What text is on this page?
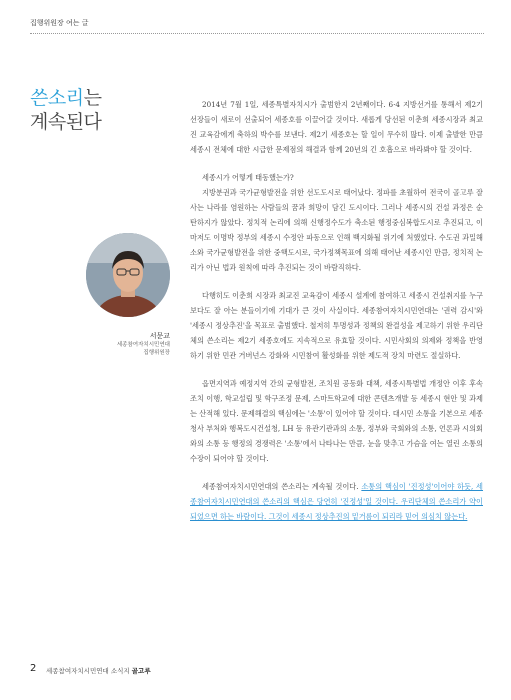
집행위원장 여는 글
쓴소리는
계속된다
서문교
세종참여자치시민연대
집행위원장

2014년 7월 1일, 세종특별자치시가 출범한지 2년째이다. 6·4 지방선거를 통해서 제2기 선장들이 새로이 선출되어 세종호를 이끌어갈 것이다. 새롭게 당선된 이춘희 세종시장과 최교진 교육감에게 축하의 박수를 보낸다. 제2기 세종호는 할 일이 무수히 많다. 이제 출발한 만큼 세종시 전체에 대한 시급한 문제점의 해결과 함께 20년의 긴 호흡으로 바라봐야 할 것이다.

세종시가 어떻게 태동했는가?

지방분권과 국가균형발전을 위한 선도도시로 태어났다. 정파를 초월하여 전국이 골고루 잘사는 나라를 염원하는 사람들의 꿈과 희망이 담긴 도시이다. 그러나 세종시의 건설 과정은 순탄하지가 않았다. 정치적 논리에 의해 신행정수도가 축소된 행정중심복합도시로 추진되고, 이마저도 이명박 정부의 세종시 수정안 파동으로 인해 백지화될 위기에 처했었다. 수도권 과밀해소와 국가균형발전을 위한 중핵도시로, 국가정책목표에 의해 태어난 세종시인 만큼, 정치적 논리가 아닌 법과 원칙에 따라 추진되는 것이 바람직하다.

다행히도 이춘희 시장과 최교진 교육감이 세종시 설계에 참여하고 세종시 건설취지를 누구보다도 잘 아는 분들이기에 기대가 큰 것이 사실이다. 세종참여자치시민연대는 '권력 감시'와 '세종시 정상추진'을 목표로 출범했다. 철저히 투명성과 정책의 완결성을 제고하기 위한 우리단체의 쓴소리는 제2기 세종호에도 지속적으로 유효할 것이다. 시민사회의 의제와 정책을 반영하기 위한 민관 거버넌스 강화와 시민참여 활성화를 위한 제도적 장치 마련도 절실하다.

읍면지역과 예정지역 간의 균형발전, 조치원 공동화 대책, 세종시특별법 개정안 이후 후속조치 이행, 학교설립 및 학구조정 문제, 스마트학교에 대한 콘텐츠개발 등 세종시 현안 및 과제는 산적해 있다. 문제해결의 핵심에는 '소통'이 있어야 할 것이다. 대시민 소통을 기본으로 세종청사 부처와 행복도시건설청, LH 등 유관기관과의 소통, 정부와 국회와의 소통, 언론과 시의회와의 소통 등 행정의 경쟁력은 '소통'에서 나타나는 만큼, 눈을 맞추고 가슴을 여는 열린 소통의 수장이 되어야 할 것이다.

세종참여자치시민연대의 쓴소리는 계속될 것이다. 소통의 핵심이 '진정성'이어야 하듯, 세종참여자치시민연대의 쓴소리의 핵심은 당연히 '진정성'일 것이다. 우리단체의 쓴소리가 약이 되었으면 하는 바람이다. 그것이 세종시 정상추진의 밑거름이 되리라 믿어 의심치 않는다.

2 세종참여자치시민연대 소식지 골고루
